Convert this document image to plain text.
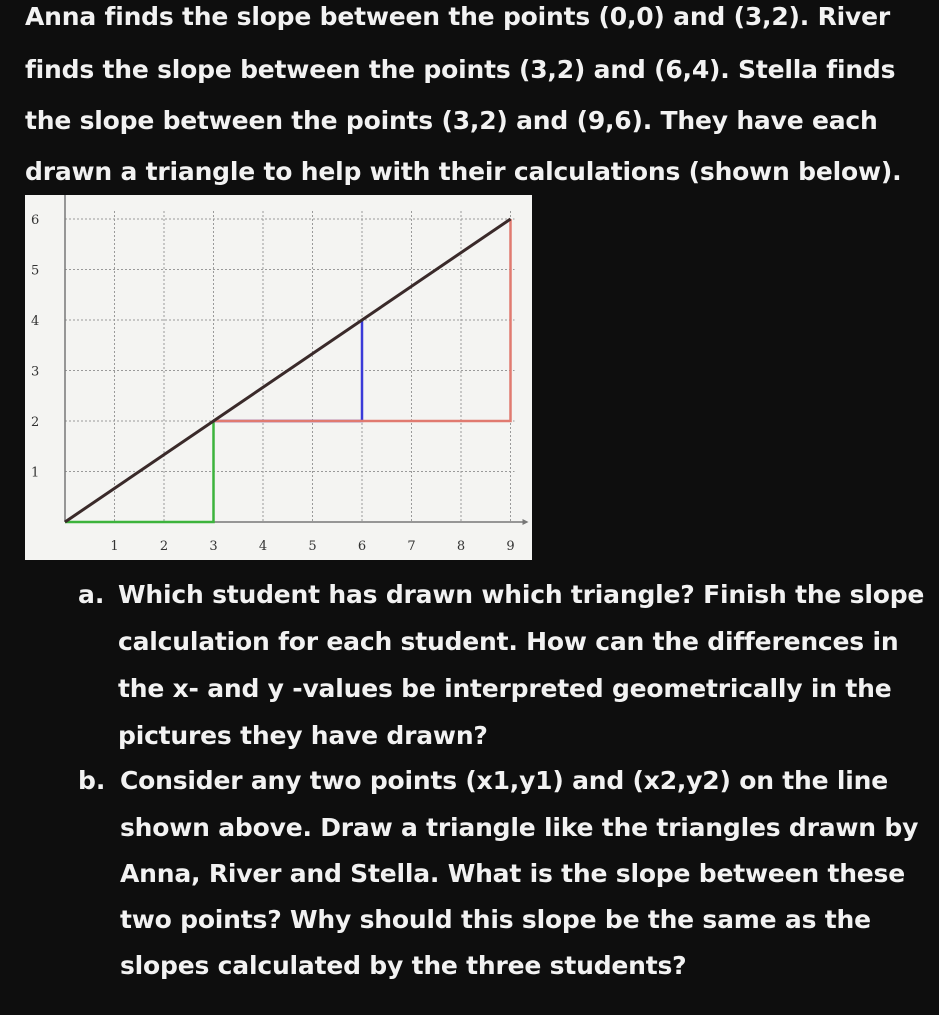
Anna finds the slope between the points (0,0) and (3,2). River
finds the slope between the points (3,2) and (6,4). Stella finds
the slope between the points (3,2) and (9,6). They have each
drawn a triangle to help with their calculations (shown below).
1	2	3	4	5	6	7	8	9
1
2
3
4
5
6
a. Which student has drawn which triangle? Finish the slope
calculation for each student. How can the differences in
the x- and y -values be interpreted geometrically in the
pictures they have drawn?
b. Consider any two points (x1,y1) and (x2,y2) on the line
shown above. Draw a triangle like the triangles drawn by
Anna, River and Stella. What is the slope between these
two points? Why should this slope be the same as the
slopes calculated by the three students?
